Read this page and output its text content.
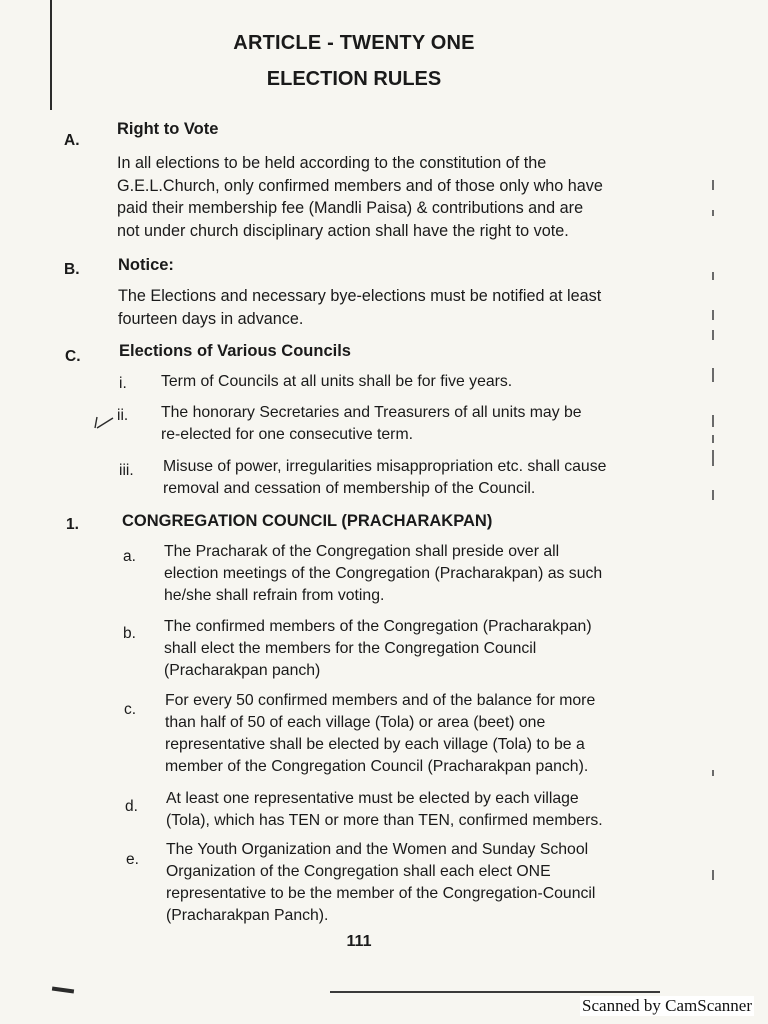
ARTICLE - TWENTY ONE
ELECTION RULES
A.
Right to Vote
In all elections to be held according to the constitution of the
G.E.L.Church, only confirmed members and of those only who have
paid their membership fee (Mandli Paisa) & contributions and are
not under church disciplinary action shall have the right to vote.
B. Notice:
The Elections and necessary bye-elections must be notified at least
fourteen days in advance.
C. Elections of Various Councils
i. Term of Councils at all units shall be for five years.
ii. The honorary Secretaries and Treasurers of all units may be
re-elected for one consecutive term.
iii. Misuse of power, irregularities misappropriation etc. shall cause
removal and cessation of membership of the Council.
1.	CONGREGATION COUNCIL (PRACHARAKPAN)
a. The Pracharak of the Congregation shall preside over all
election meetings of the Congregation (Pracharakpan) as such
he/she shall refrain from voting.
b. The confirmed members of the Congregation (Pracharakpan)
shall elect the members for the Congregation Council
(Pracharakpan panch)
c.
For every 50 confirmed members and of the balance for more
than half of 50 of each village (Tola) or area (beet) one
representative shall be elected by each village (Tola) to be a
member of the Congregation Council (Pracharakpan panch).
d. At least one representative must be elected by each village
(Tola), which has TEN or more than TEN, confirmed members.
e.
The Youth Organization and the Women and Sunday School
Organization of the Congregation shall each elect ONE
representative to be the member of the Congregation-Council
(Pracharakpan Panch).
111
Scanned by CamScanner
